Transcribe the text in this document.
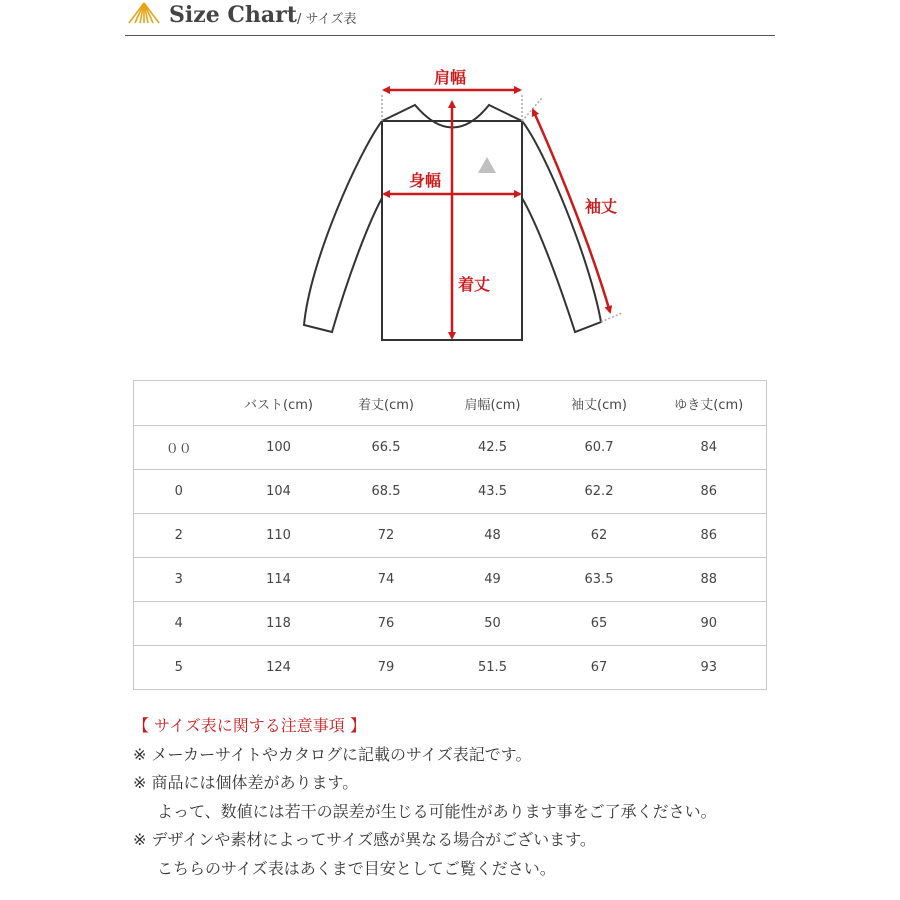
Size Chart / サイズ表
肩幅
身幅
着丈
袖丈
	バスト(cm)	着丈(cm)	肩幅(cm)	袖丈(cm)	ゆき丈(cm)
００	100	66.5	42.5	60.7	84
0	104	68.5	43.5	62.2	86
2	110	72	48	62	86
3	114	74	49	63.5	88
4	118	76	50	65	90
5	124	79	51.5	67	93
【 サイズ表に関する注意事項 】
※ メーカーサイトやカタログに記載のサイズ表記です。
※ 商品には個体差があります。
よって、数値には若干の誤差が生じる可能性があります事をご了承ください。
※ デザインや素材によってサイズ感が異なる場合がございます。
こちらのサイズ表はあくまで目安としてご覧ください。
